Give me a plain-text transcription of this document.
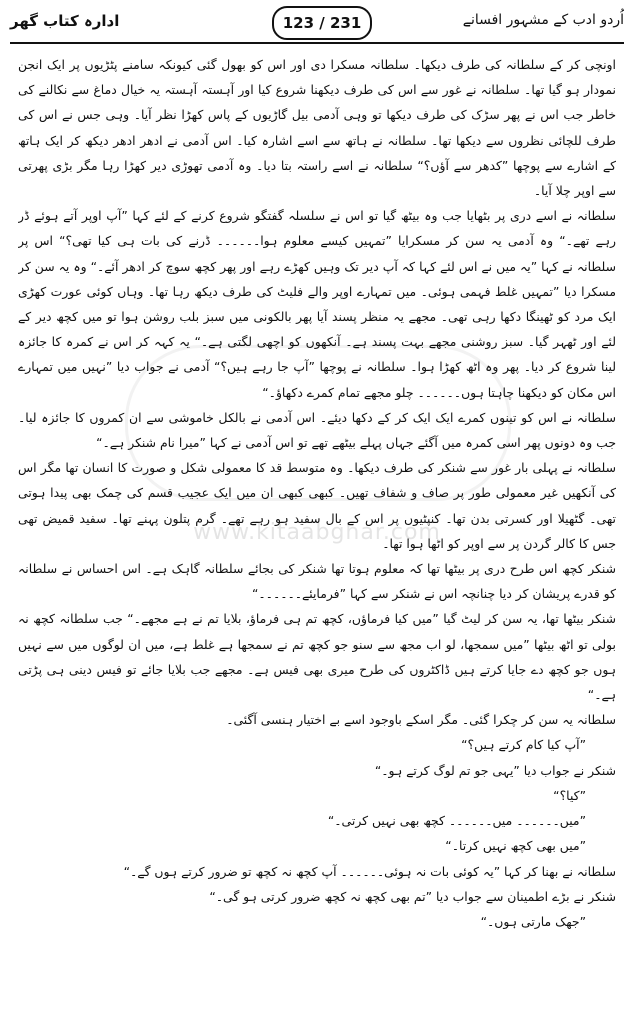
ادارہ کتاب گھر	123 / 231	اُردو ادب کے مشہور افسانے
www.kitaabghar.com

اونچی کر کے سلطانہ کی طرف دیکھا۔ سلطانہ مسکرا دی اور اس کو بھول گئی کیونکہ سامنے پٹڑیوں پر ایک انجن نمودار ہو گیا تھا۔ سلطانہ نے غور سے اس کی طرف دیکھنا شروع کیا اور آہستہ آہستہ یہ خیال دماغ سے نکالنے کی خاطر جب اس نے پھر سڑک کی طرف دیکھا تو وہی آدمی بیل گاڑیوں کے پاس کھڑا نظر آیا۔ وہی جس نے اس کی طرف للچائی نظروں سے دیکھا تھا۔ سلطانہ نے ہاتھ سے اسے اشارہ کیا۔ اس آدمی نے ادھر ادھر دیکھ کر ایک ہاتھ کے اشارے سے پوچھا ”کدھر سے آؤں؟“ سلطانہ نے اسے راستہ بتا دیا۔ وہ آدمی تھوڑی دیر کھڑا رہا مگر بڑی پھرتی سے اوپر چلا آیا۔

سلطانہ نے اسے دری پر بٹھایا جب وہ بیٹھ گیا تو اس نے سلسلہ گفتگو شروع کرنے کے لئے کہا ”آپ اوپر آتے ہوئے ڈر رہے تھے۔“ وہ آدمی یہ سن کر مسکرایا ”تمہیں کیسے معلوم ہوا۔۔۔۔۔۔ ڈرنے کی بات ہی کیا تھی؟“ اس پر سلطانہ نے کہا ”یہ میں نے اس لئے کہا کہ آپ دیر تک وہیں کھڑے رہے اور پھر کچھ سوچ کر ادھر آئے۔“ وہ یہ سن کر مسکرا دیا ”تمہیں غلط فہمی ہوئی۔ میں تمہارے اوپر والے فلیٹ کی طرف دیکھ رہا تھا۔ وہاں کوئی عورت کھڑی ایک مرد کو ٹھینگا دکھا رہی تھی۔ مجھے یہ منظر پسند آیا پھر بالکونی میں سبز بلب روشن ہوا تو میں کچھ دیر کے لئے اور ٹھہر گیا۔ سبز روشنی مجھے بہت پسند ہے۔ آنکھوں کو اچھی لگتی ہے۔“ یہ کہہ کر اس نے کمرہ کا جائزہ لینا شروع کر دیا۔ پھر وہ اٹھ کھڑا ہوا۔ سلطانہ نے پوچھا ”آپ جا رہے ہیں؟“ آدمی نے جواب دیا ”نہیں میں تمہارے اس مکان کو دیکھنا چاہتا ہوں۔۔۔۔۔۔ چلو مجھے تمام کمرے دکھاؤ۔“

سلطانہ نے اس کو تینوں کمرے ایک ایک کر کے دکھا دیئے۔ اس آدمی نے بالکل خاموشی سے ان کمروں کا جائزہ لیا۔ جب وہ دونوں پھر اسی کمرہ میں آگئے جہاں پہلے بیٹھے تھے تو اس آدمی نے کہا ”میرا نام شنکر ہے۔“

سلطانہ نے پہلی بار غور سے شنکر کی طرف دیکھا۔ وہ متوسط قد کا معمولی شکل و صورت کا انسان تھا مگر اس کی آنکھیں غیر معمولی طور پر صاف و شفاف تھیں۔ کبھی کبھی ان میں ایک عجیب قسم کی چمک بھی پیدا ہوتی تھی۔ گٹھیلا اور کسرتی بدن تھا۔ کنپٹیوں پر اس کے بال سفید ہو رہے تھے۔ گرم پتلون پہنے تھا۔ سفید قمیض تھی جس کا کالر گردن پر سے اوپر کو اٹھا ہوا تھا۔

شنکر کچھ اس طرح دری پر بیٹھا تھا کہ معلوم ہوتا تھا شنکر کی بجائے سلطانہ گاہک ہے۔ اس احساس نے سلطانہ کو قدرے پریشان کر دیا چنانچہ اس نے شنکر سے کہا ”فرمایئے۔۔۔۔۔۔“

شنکر بیٹھا تھا، یہ سن کر لیٹ گیا ”میں کیا فرماؤں، کچھ تم ہی فرماؤ، بلایا تم نے ہے مجھے۔“ جب سلطانہ کچھ نہ بولی تو اٹھ بیٹھا ”میں سمجھا، لو اب مجھ سے سنو جو کچھ تم نے سمجھا ہے غلط ہے، میں ان لوگوں میں سے نہیں ہوں جو کچھ دے جایا کرتے ہیں ڈاکٹروں کی طرح میری بھی فیس ہے۔ مجھے جب بلایا جائے تو فیس دینی ہی پڑتی ہے۔“

سلطانہ یہ سن کر چکرا گئی۔ مگر اسکے باوجود اسے بے اختیار ہنسی آگئی۔

”آپ کیا کام کرتے ہیں؟“

شنکر نے جواب دیا ”یہی جو تم لوگ کرتے ہو۔“

”کیا؟“

”میں۔۔۔۔۔۔ میں۔۔۔۔۔۔ کچھ بھی نہیں کرتی۔“

”میں بھی کچھ نہیں کرتا۔“

سلطانہ نے بھنا کر کہا ”یہ کوئی بات نہ ہوئی۔۔۔۔۔۔ آپ کچھ نہ کچھ تو ضرور کرتے ہوں گے۔“

شنکر نے بڑے اطمینان سے جواب دیا ”تم بھی کچھ نہ کچھ ضرور کرتی ہو گی۔“

”جھک مارتی ہوں۔“
